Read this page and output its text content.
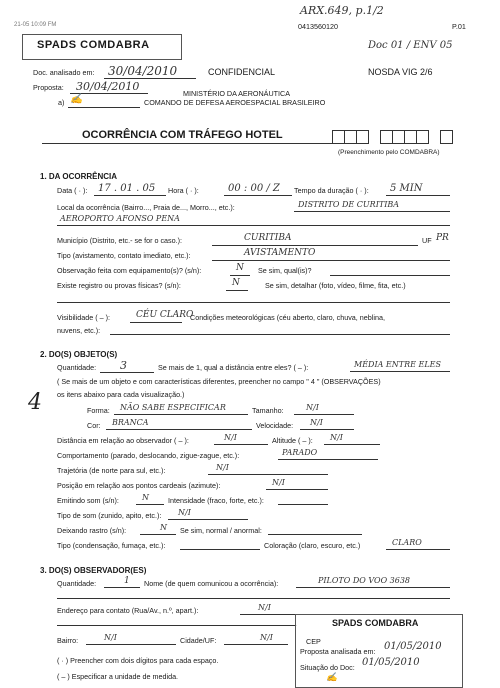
ARX.649, p.1/2
0413560120	P.01
Doc 01 / ENV 05
21-05 10:09 FM
SPADS COMDABRA
Doc. analisado em: 30/04/2010	CONFIDENCIAL	NOSDA VIG 2/6
Proposta: 30/04/2010
MINISTÉRIO DA AERONÁUTICA
a)	COMANDO DE DEFESA AEROESPACIAL BRASILEIRO
✍
OCORRÊNCIA COM TRÁFEGO HOTEL
(Preenchimento pelo COMDABRA)
1. DA OCORRÊNCIA
Data ( · ): 17 . 01 . 05 Hora ( · ):	00 : 00 / Z Tempo da duração ( · ): 5 MIN
Local da ocorrência (Bairro..., Praia de..., Morro..., etc.):	DISTRITO DE CURITIBA
AEROPORTO AFONSO PENA
Município (Distrito, etc.- se for o caso.):	CURITIBA	UF PR
Tipo (avistamento, contato imediato, etc.):	AVISTAMENTO
Observação feita com equipamento(s)? (s/n):	N Se sim, qual(is)?
Existe registro ou provas físicas? (s/n):	N	Se sim, detalhar (foto, vídeo, filme, fita, etc.)
Visibilidade ( – ):	CÉU CLARO
Condições meteorológicas (céu aberto, claro, chuva, neblina,
nuvens, etc.):
2. DO(S) OBJETO(S)
Quantidade: 3	Se mais de 1, qual a distância entre eles? ( – ):	MÉDIA ENTRE ELES
( Se mais de um objeto e com características diferentes, preencher no campo " 4 " (OBSERVAÇÕES)
os itens abaixo para cada visualização.)
4	Forma: NÃO SABE ESPECIFICAR	Tamanho:	N/I
Cor: BRANCA	Velocidade: N/I
Distância em relação ao observador ( – ):	N/I	Altitude ( – ): N/I
Comportamento (parado, deslocando, zigue-zague, etc.):	PARADO
Trajetória (de norte para sul, etc.):	N/I
Posição em relação aos pontos cardeais (azimute):	N/I
Emitindo som (s/n):	N	Intensidade (fraco, forte, etc.):
Tipo de som (zunido, apito, etc.): N/I
Deixando rastro (s/n):	N Se sim, normal / anormal:
Tipo (condensação, fumaça, etc.):	Coloração (claro, escuro, etc.)	CLARO
3. DO(S) OBSERVADOR(ES)
Quantidade:	1 Nome (de quem comunicou a ocorrência):	PILOTO DO VOO 3638
Endereço para contato (Rua/Av., n.º, apart.):	N/I
Bairro:	N/I	Cidade/UF:	N/I
( · ) Preencher com dois dígitos para cada espaço.
( – ) Especificar a unidade de medida.
SPADS COMDABRA
CEP
Proposta analisada em: 01/05/2010
Situação do Doc: 01/05/2010
✍
